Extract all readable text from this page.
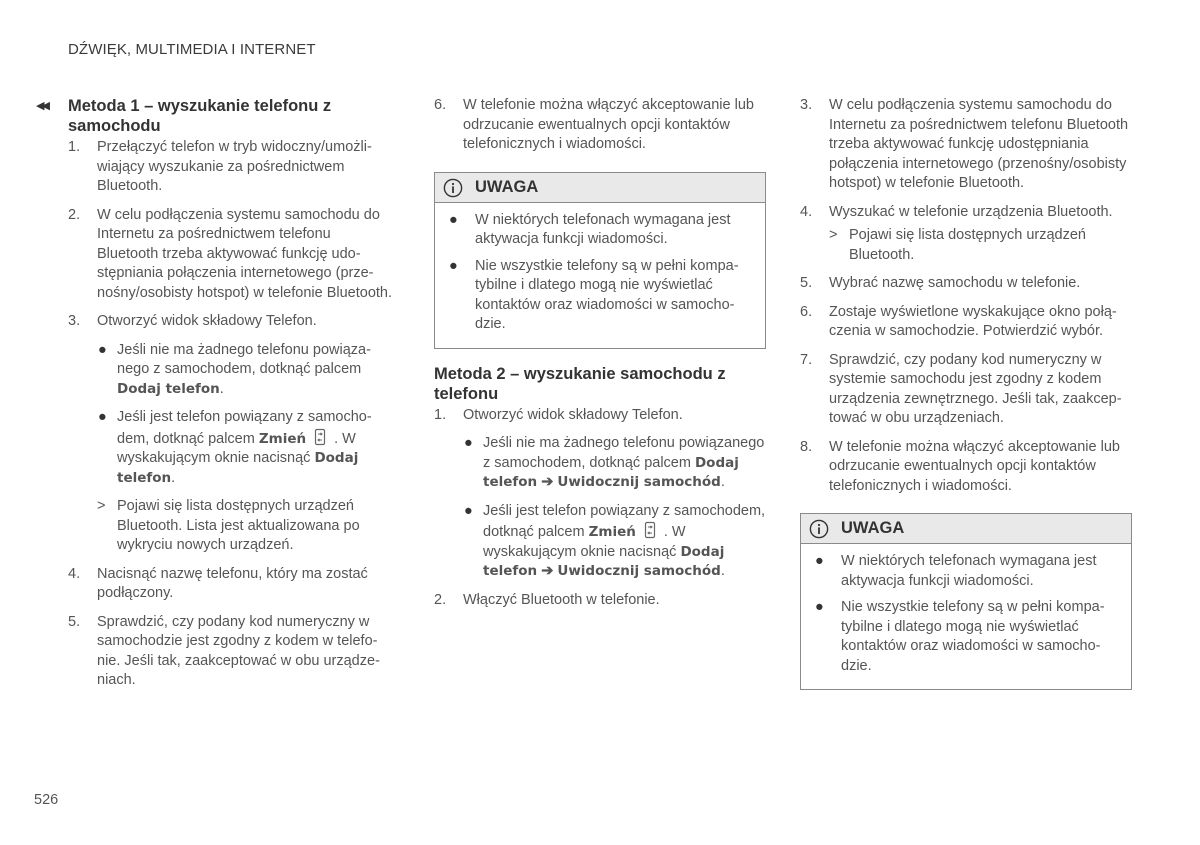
DŹWIĘK, MULTIMEDIA I INTERNET
◀◀ Metoda 1 – wyszukanie telefonu z samochodu
1. Przełączyć telefon w tryb widoczny/umożliwiający wyszukanie za pośrednictwem Bluetooth.
2. W celu podłączenia systemu samochodu do Internetu za pośrednictwem telefonu Bluetooth trzeba aktywować funkcję udostępniania połączenia internetowego (przenośny/osobisty hotspot) w telefonie Bluetooth.
3. Otworzyć widok składowy Telefon.
● Jeśli nie ma żadnego telefonu powiązanego z samochodem, dotknąć palcem Dodaj telefon.
● Jeśli jest telefon powiązany z samochodem, dotknąć palcem Zmień . W wyskakującym oknie nacisnąć Dodaj telefon.
> Pojawi się lista dostępnych urządzeń Bluetooth. Lista jest aktualizowana po wykryciu nowych urządzeń.
4. Nacisnąć nazwę telefonu, który ma zostać podłączony.
5. Sprawdzić, czy podany kod numeryczny w samochodzie jest zgodny z kodem w telefonie. Jeśli tak, zaakceptować w obu urządzeniach.
6. W telefonie można włączyć akceptowanie lub odrzucanie ewentualnych opcji kontaktów telefonicznych i wiadomości.
UWAGA
● W niektórych telefonach wymagana jest aktywacja funkcji wiadomości.
● Nie wszystkie telefony są w pełni kompatybilne i dlatego mogą nie wyświetlać kontaktów oraz wiadomości w samochodzie.
Metoda 2 – wyszukanie samochodu z telefonu
1. Otworzyć widok składowy Telefon.
● Jeśli nie ma żadnego telefonu powiązanego z samochodem, dotknąć palcem Dodaj telefon ➔ Uwidocznij samochód.
● Jeśli jest telefon powiązany z samochodem, dotknąć palcem Zmień . W wyskakującym oknie nacisnąć Dodaj telefon ➔ Uwidocznij samochód.
2. Włączyć Bluetooth w telefonie.
3. W celu podłączenia systemu samochodu do Internetu za pośrednictwem telefonu Bluetooth trzeba aktywować funkcję udostępniania połączenia internetowego (przenośny/osobisty hotspot) w telefonie Bluetooth.
4. Wyszukać w telefonie urządzenia Bluetooth.
> Pojawi się lista dostępnych urządzeń Bluetooth.
5. Wybrać nazwę samochodu w telefonie.
6. Zostaje wyświetlone wyskakujące okno połączenia w samochodzie. Potwierdzić wybór.
7. Sprawdzić, czy podany kod numeryczny w systemie samochodu jest zgodny z kodem urządzenia zewnętrznego. Jeśli tak, zaakceptować w obu urządzeniach.
8. W telefonie można włączyć akceptowanie lub odrzucanie ewentualnych opcji kontaktów telefonicznych i wiadomości.
UWAGA
● W niektórych telefonach wymagana jest aktywacja funkcji wiadomości.
● Nie wszystkie telefony są w pełni kompatybilne i dlatego mogą nie wyświetlać kontaktów oraz wiadomości w samochodzie.
526
